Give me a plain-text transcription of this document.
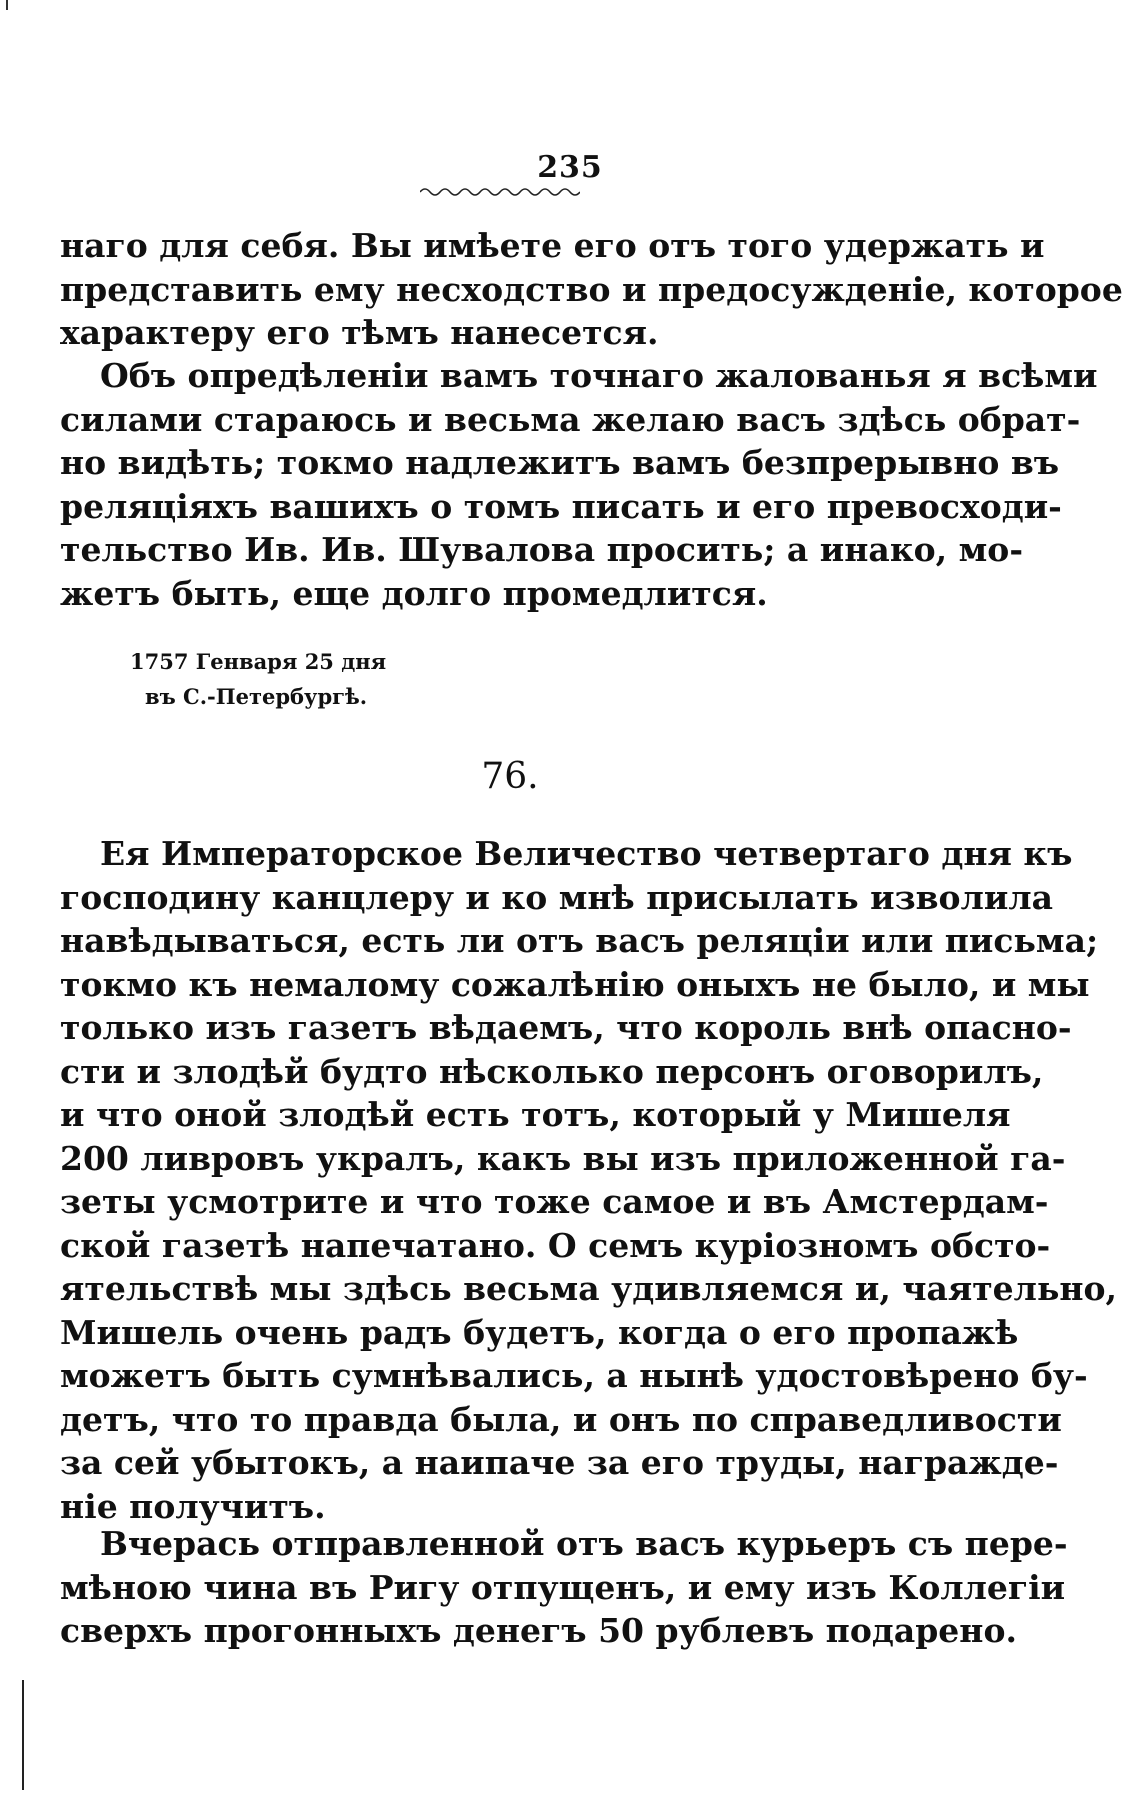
235
наго для себя. Вы имѣете его отъ того удержать и
представить ему несходство и предосужденіе, которое
характеру его тѣмъ нанесется.
Объ опредѣленіи вамъ точнаго жалованья я всѣми
силами стараюсь и весьма желаю васъ здѣсь обрат-
но видѣть; токмо надлежитъ вамъ безпрерывно въ
реляціяхъ вашихъ о томъ писать и его превосходи-
тельство Ив. Ив. Шувалова просить; а инако, мо-
жетъ быть, еще долго промедлится.
1757 Генваря 25 дня
въ С.-Петербургѣ.
76.
Ея Императорское Величество четвертаго дня къ
господину канцлеру и ко мнѣ присылать изволила
навѣдываться, есть ли отъ васъ реляціи или письма;
токмо къ немалому сожалѣнію оныхъ не было, и мы
только изъ газетъ вѣдаемъ, что король внѣ опасно-
сти и злодѣй будто нѣсколько персонъ оговорилъ,
и что оной злодѣй есть тотъ, который у Мишеля
200 ливровъ укралъ, какъ вы изъ приложенной га-
зеты усмотрите и что тоже самое и въ Амстердам-
ской газетѣ напечатано. О семъ куріозномъ обсто-
ятельствѣ мы здѣсь весьма удивляемся и, чаятельно,
Мишель очень радъ будетъ, когда о его пропажѣ
можетъ быть сумнѣвались, а нынѣ удостовѣрено бу-
детъ, что то правда была, и онъ по справедливости
за сей убытокъ, а наипаче за его труды, награжде-
ніе получитъ.
Вчерась отправленной отъ васъ курьеръ съ пере-
мѣною чина въ Ригу отпущенъ, и ему изъ Коллегіи
сверхъ прогонныхъ денегъ 50 рублевъ подарено.
